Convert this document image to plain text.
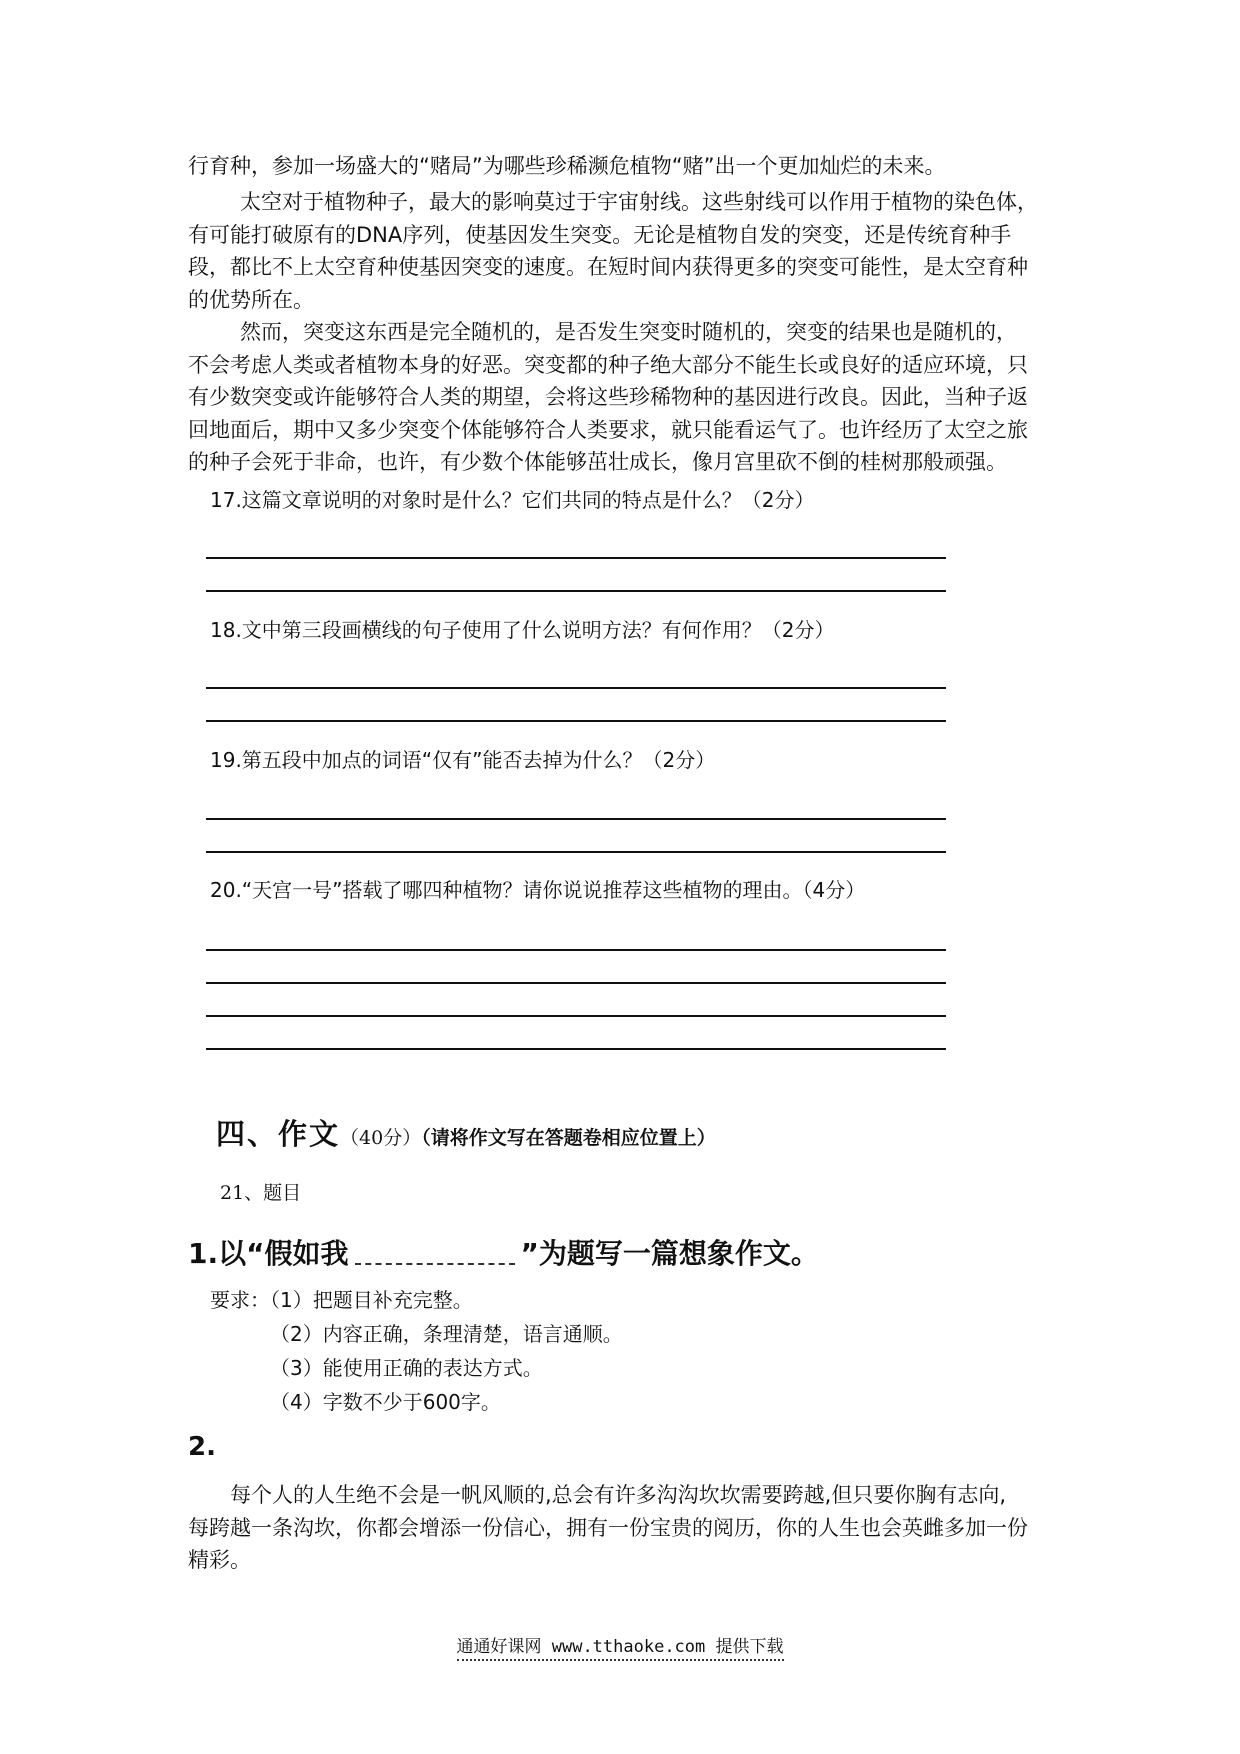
行育种，参加一场盛大的“赌局”为哪些珍稀濒危植物“赌”出一个更加灿烂的未来。

太空对于植物种子，最大的影响莫过于宇宙射线。这些射线可以作用于植物的染色体，
有可能打破原有的DNA序列，使基因发生突变。无论是植物自发的突变，还是传统育种手
段，都比不上太空育种使基因突变的速度。在短时间内获得更多的突变可能性，是太空育种
的优势所在。

然而，突变这东西是完全随机的，是否发生突变时随机的，突变的结果也是随机的，
不会考虑人类或者植物本身的好恶。突变都的种子绝大部分不能生长或良好的适应环境，只
有少数突变或许能够符合人类的期望，会将这些珍稀物种的基因进行改良。因此，当种子返
回地面后，期中又多少突变个体能够符合人类要求，就只能看运气了。也许经历了太空之旅
的种子会死于非命，也许，有少数个体能够茁壮成长，像月宫里砍不倒的桂树那般顽强。

17.这篇文章说明的对象时是什么？它们共同的特点是什么？（2分）

18.文中第三段画横线的句子使用了什么说明方法？有何作用？（2分）

19.第五段中加点的词语“仅有”能否去掉为什么？（2分）

20.“天宫一号”搭载了哪四种植物？请你说说推荐这些植物的理由。（4分）

四、作文（40分）（请将作文写在答题卷相应位置上）
21、题目
1.以“假如我	”为题写一篇想象作文。
要求：（1）把题目补充完整。
（2）内容正确，条理清楚，语言通顺。
（3）能使用正确的表达方式。
（4）字数不少于600字。
2.

每个人的人生绝不会是一帆风顺的,总会有许多沟沟坎坎需要跨越,但只要你胸有志向,
每跨越一条沟坎，你都会增添一份信心，拥有一份宝贵的阅历，你的人生也会英雌多加一份
精彩。

通通好课网 www.tthaoke.com 提供下载
